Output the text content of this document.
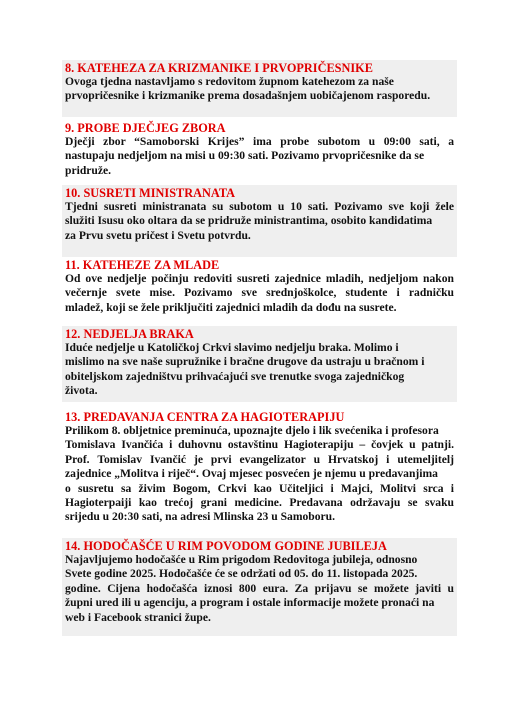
8. KATEHEZA ZA KRIZMANIKE I PRVOPRIČESNIKE
Ovoga tjedna nastavljamo s redovitom župnom katehezom za naše
prvopričesnike i krizmanike prema dosadašnjem uobičajenom rasporedu.
9. PROBE DJEČJEG ZBORA
Dječji zbor “Samoborski Krijes” ima probe subotom u 09:00 sati, a
nastupaju nedjeljom na misi u 09:30 sati. Pozivamo prvopričesnike da se
pridruže.
10. SUSRETI MINISTRANATA
Tjedni susreti ministranata su subotom u 10 sati. Pozivamo sve koji žele
služiti Isusu oko oltara da se pridruže ministrantima, osobito kandidatima
za Prvu svetu pričest i Svetu potvrdu.
11. KATEHEZE ZA MLADE
Od ove nedjelje počinju redoviti susreti zajednice mladih, nedjeljom nakon
večernje svete mise. Pozivamo sve srednjoškolce, studente i radničku
mladež, koji se žele priključiti zajednici mladih da dođu na susrete.
12. NEDJELJA BRAKA
Iduće nedjelje u Katoličkoj Crkvi slavimo nedjelju braka. Molimo i
mislimo na sve naše supružnike i bračne drugove da ustraju u bračnom i
obiteljskom zajedništvu prihvaćajući sve trenutke svoga zajedničkog
života.
13. PREDAVANJA CENTRA ZA HAGIOTERAPIJU
Prilikom 8. obljetnice preminuća, upoznajte djelo i lik svećenika i profesora
Tomislava Ivančića i duhovnu ostavštinu Hagioterapiju – čovjek u patnji.
Prof. Tomislav Ivančić je prvi evangelizator u Hrvatskoj i utemeljitelj
zajednice „Molitva i riječ“. Ovaj mjesec posvećen je njemu u predavanjima
o susretu sa živim Bogom, Crkvi kao Učiteljici i Majci, Molitvi srca i
Hagioterpaiji kao trećoj grani medicine. Predavana održavaju se svaku
srijedu u 20:30 sati, na adresi Mlinska 23 u Samoboru.
14. HODOČAŠĆE U RIM POVODOM GODINE JUBILEJA
Najavljujemo hodočašće u Rim prigodom Redovitoga jubileja, odnosno
Svete godine 2025. Hodočašće će se održati od 05. do 11. listopada 2025.
godine. Cijena hodočašća iznosi 800 eura. Za prijavu se možete javiti u
župni ured ili u agenciju, a program i ostale informacije možete pronaći na
web i Facebook stranici župe.
